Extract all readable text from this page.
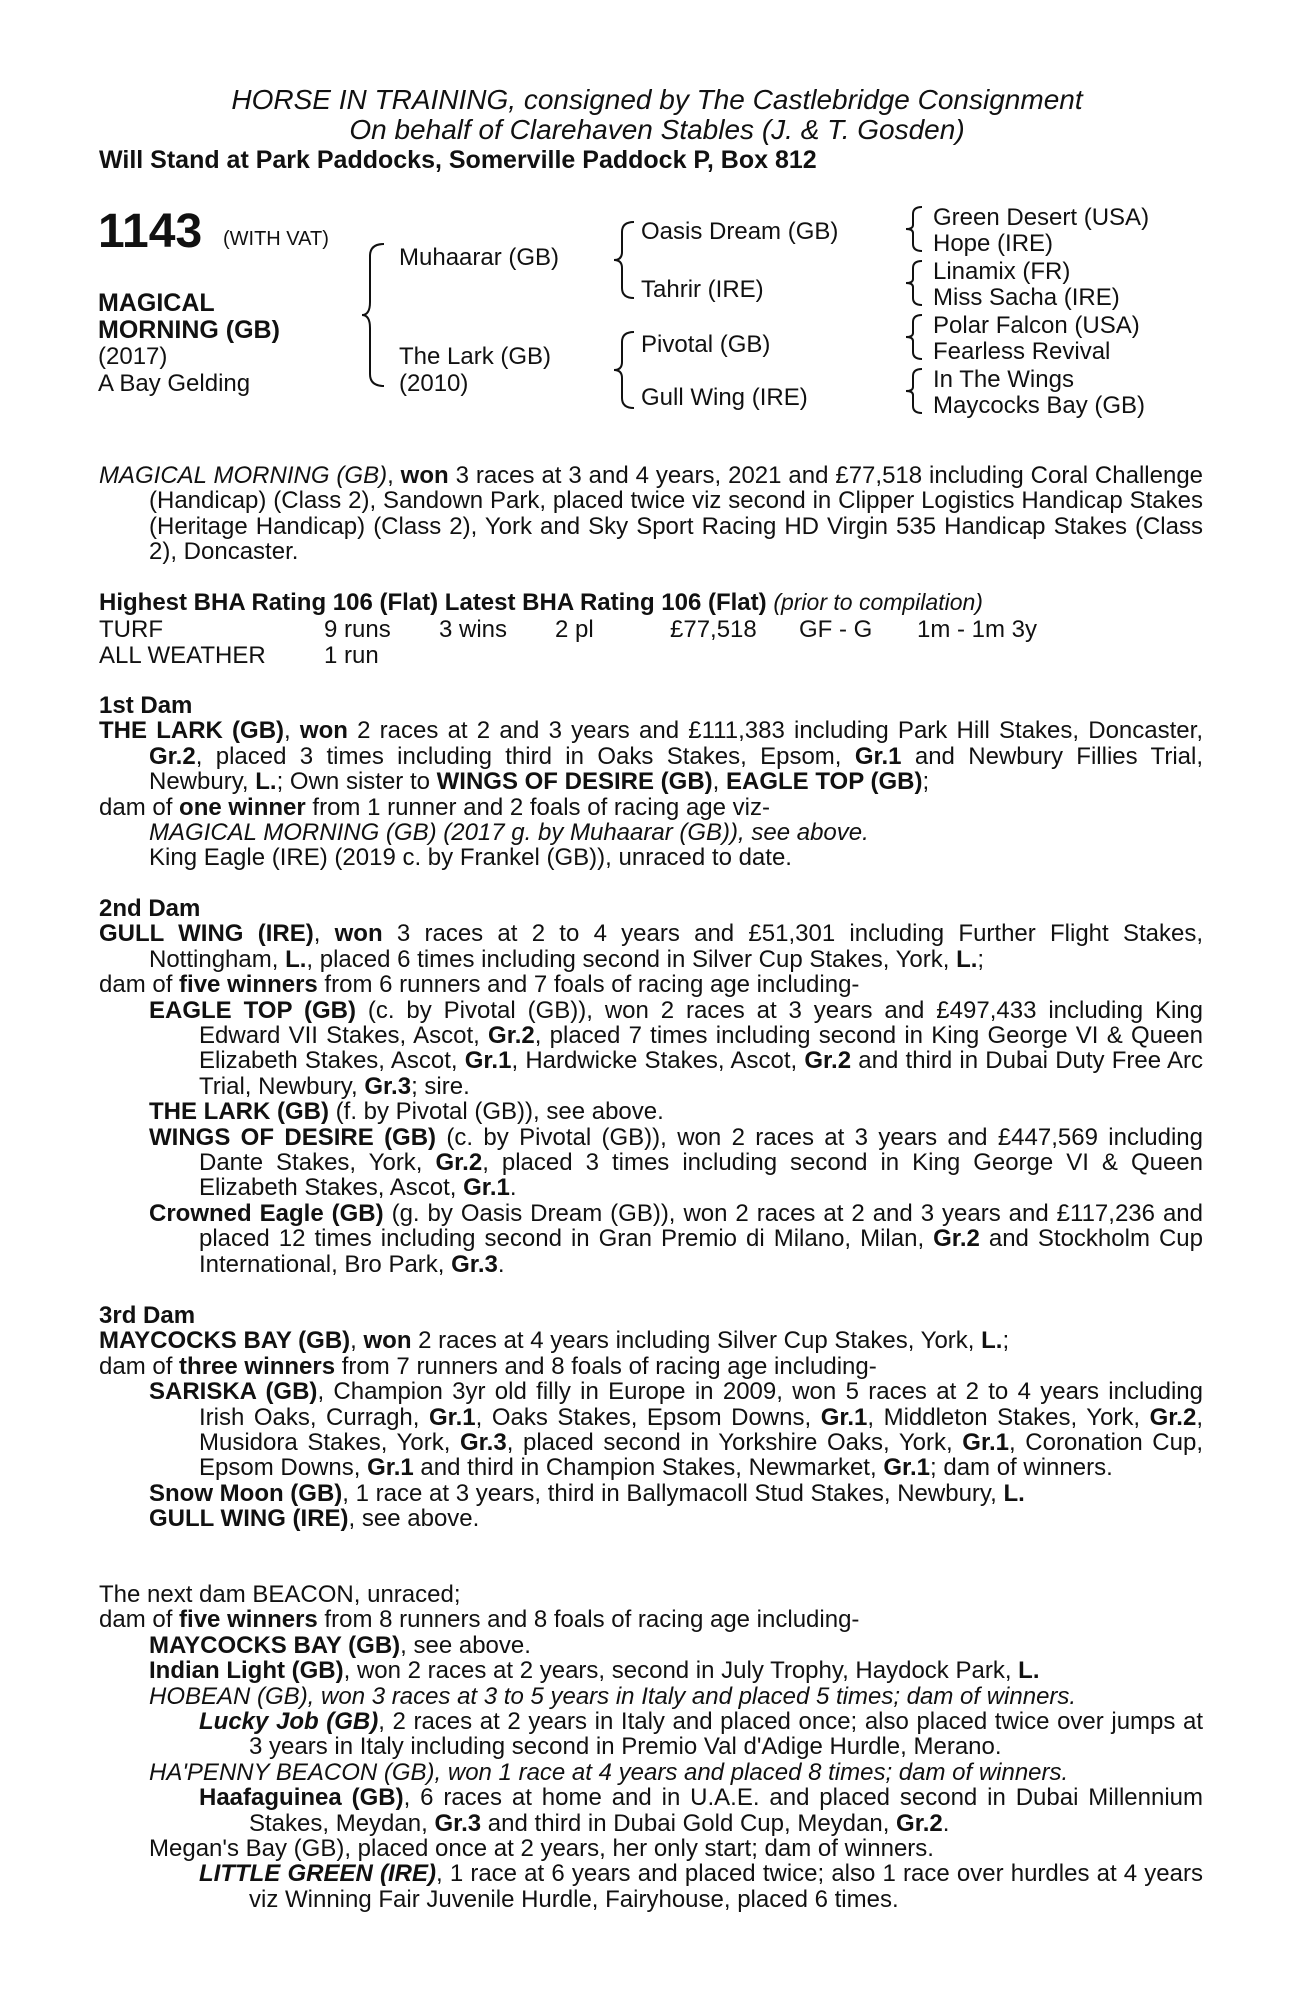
HORSE IN TRAINING, consigned by The Castlebridge Consignment
On behalf of Clarehaven Stables (J. & T. Gosden)
Will Stand at Park Paddocks, Somerville Paddock P, Box 812
1143 (WITH VAT)
MAGICAL
MORNING (GB)
(2017)
A Bay Gelding
Muhaarar (GB)
The Lark (GB)
(2010)
Oasis Dream (GB)
Tahrir (IRE)
Pivotal (GB)
Gull Wing (IRE)
Green Desert (USA)
Hope (IRE)
Linamix (FR)
Miss Sacha (IRE)
Polar Falcon (USA)
Fearless Revival
In The Wings
Maycocks Bay (GB)

MAGICAL MORNING (GB), won 3 races at 3 and 4 years, 2021 and £77,518 including Coral Challenge (Handicap) (Class 2), Sandown Park, placed twice viz second in Clipper Logistics Handicap Stakes (Heritage Handicap) (Class 2), York and Sky Sport Racing HD Virgin 535 Handicap Stakes (Class 2), Doncaster.

Highest BHA Rating 106 (Flat) Latest BHA Rating 106 (Flat) (prior to compilation)

TURF	9 runs 3 wins 2 pl	£77,518 GF - G 1m - 1m 3y
ALL WEATHER 1 run

1st Dam

THE LARK (GB), won 2 races at 2 and 3 years and £111,383 including Park Hill Stakes, Doncaster, Gr.2, placed 3 times including third in Oaks Stakes, Epsom, Gr.1 and Newbury Fillies Trial, Newbury, L.; Own sister to WINGS OF DESIRE (GB), EAGLE TOP (GB);

dam of one winner from 1 runner and 2 foals of racing age viz-

MAGICAL MORNING (GB) (2017 g. by Muhaarar (GB)), see above.

King Eagle (IRE) (2019 c. by Frankel (GB)), unraced to date.

2nd Dam

GULL WING (IRE), won 3 races at 2 to 4 years and £51,301 including Further Flight Stakes, Nottingham, L., placed 6 times including second in Silver Cup Stakes, York, L.;

dam of five winners from 6 runners and 7 foals of racing age including-

EAGLE TOP (GB) (c. by Pivotal (GB)), won 2 races at 3 years and £497,433 including King Edward VII Stakes, Ascot, Gr.2, placed 7 times including second in King George VI & Queen Elizabeth Stakes, Ascot, Gr.1, Hardwicke Stakes, Ascot, Gr.2 and third in Dubai Duty Free Arc Trial, Newbury, Gr.3; sire.

THE LARK (GB) (f. by Pivotal (GB)), see above.

WINGS OF DESIRE (GB) (c. by Pivotal (GB)), won 2 races at 3 years and £447,569 including Dante Stakes, York, Gr.2, placed 3 times including second in King George VI & Queen Elizabeth Stakes, Ascot, Gr.1.

Crowned Eagle (GB) (g. by Oasis Dream (GB)), won 2 races at 2 and 3 years and £117,236 and placed 12 times including second in Gran Premio di Milano, Milan, Gr.2 and Stockholm Cup International, Bro Park, Gr.3.

3rd Dam

MAYCOCKS BAY (GB), won 2 races at 4 years including Silver Cup Stakes, York, L.;

dam of three winners from 7 runners and 8 foals of racing age including-

SARISKA (GB), Champion 3yr old filly in Europe in 2009, won 5 races at 2 to 4 years including Irish Oaks, Curragh, Gr.1, Oaks Stakes, Epsom Downs, Gr.1, Middleton Stakes, York, Gr.2, Musidora Stakes, York, Gr.3, placed second in Yorkshire Oaks, York, Gr.1, Coronation Cup, Epsom Downs, Gr.1 and third in Champion Stakes, Newmarket, Gr.1; dam of winners.

Snow Moon (GB), 1 race at 3 years, third in Ballymacoll Stud Stakes, Newbury, L.

GULL WING (IRE), see above.

The next dam BEACON, unraced;

dam of five winners from 8 runners and 8 foals of racing age including-

MAYCOCKS BAY (GB), see above.

Indian Light (GB), won 2 races at 2 years, second in July Trophy, Haydock Park, L.

HOBEAN (GB), won 3 races at 3 to 5 years in Italy and placed 5 times; dam of winners.

Lucky Job (GB), 2 races at 2 years in Italy and placed once; also placed twice over jumps at 3 years in Italy including second in Premio Val d'Adige Hurdle, Merano.

HA'PENNY BEACON (GB), won 1 race at 4 years and placed 8 times; dam of winners.

Haafaguinea (GB), 6 races at home and in U.A.E. and placed second in Dubai Millennium Stakes, Meydan, Gr.3 and third in Dubai Gold Cup, Meydan, Gr.2.

Megan's Bay (GB), placed once at 2 years, her only start; dam of winners.

LITTLE GREEN (IRE), 1 race at 6 years and placed twice; also 1 race over hurdles at 4 years viz Winning Fair Juvenile Hurdle, Fairyhouse, placed 6 times.
